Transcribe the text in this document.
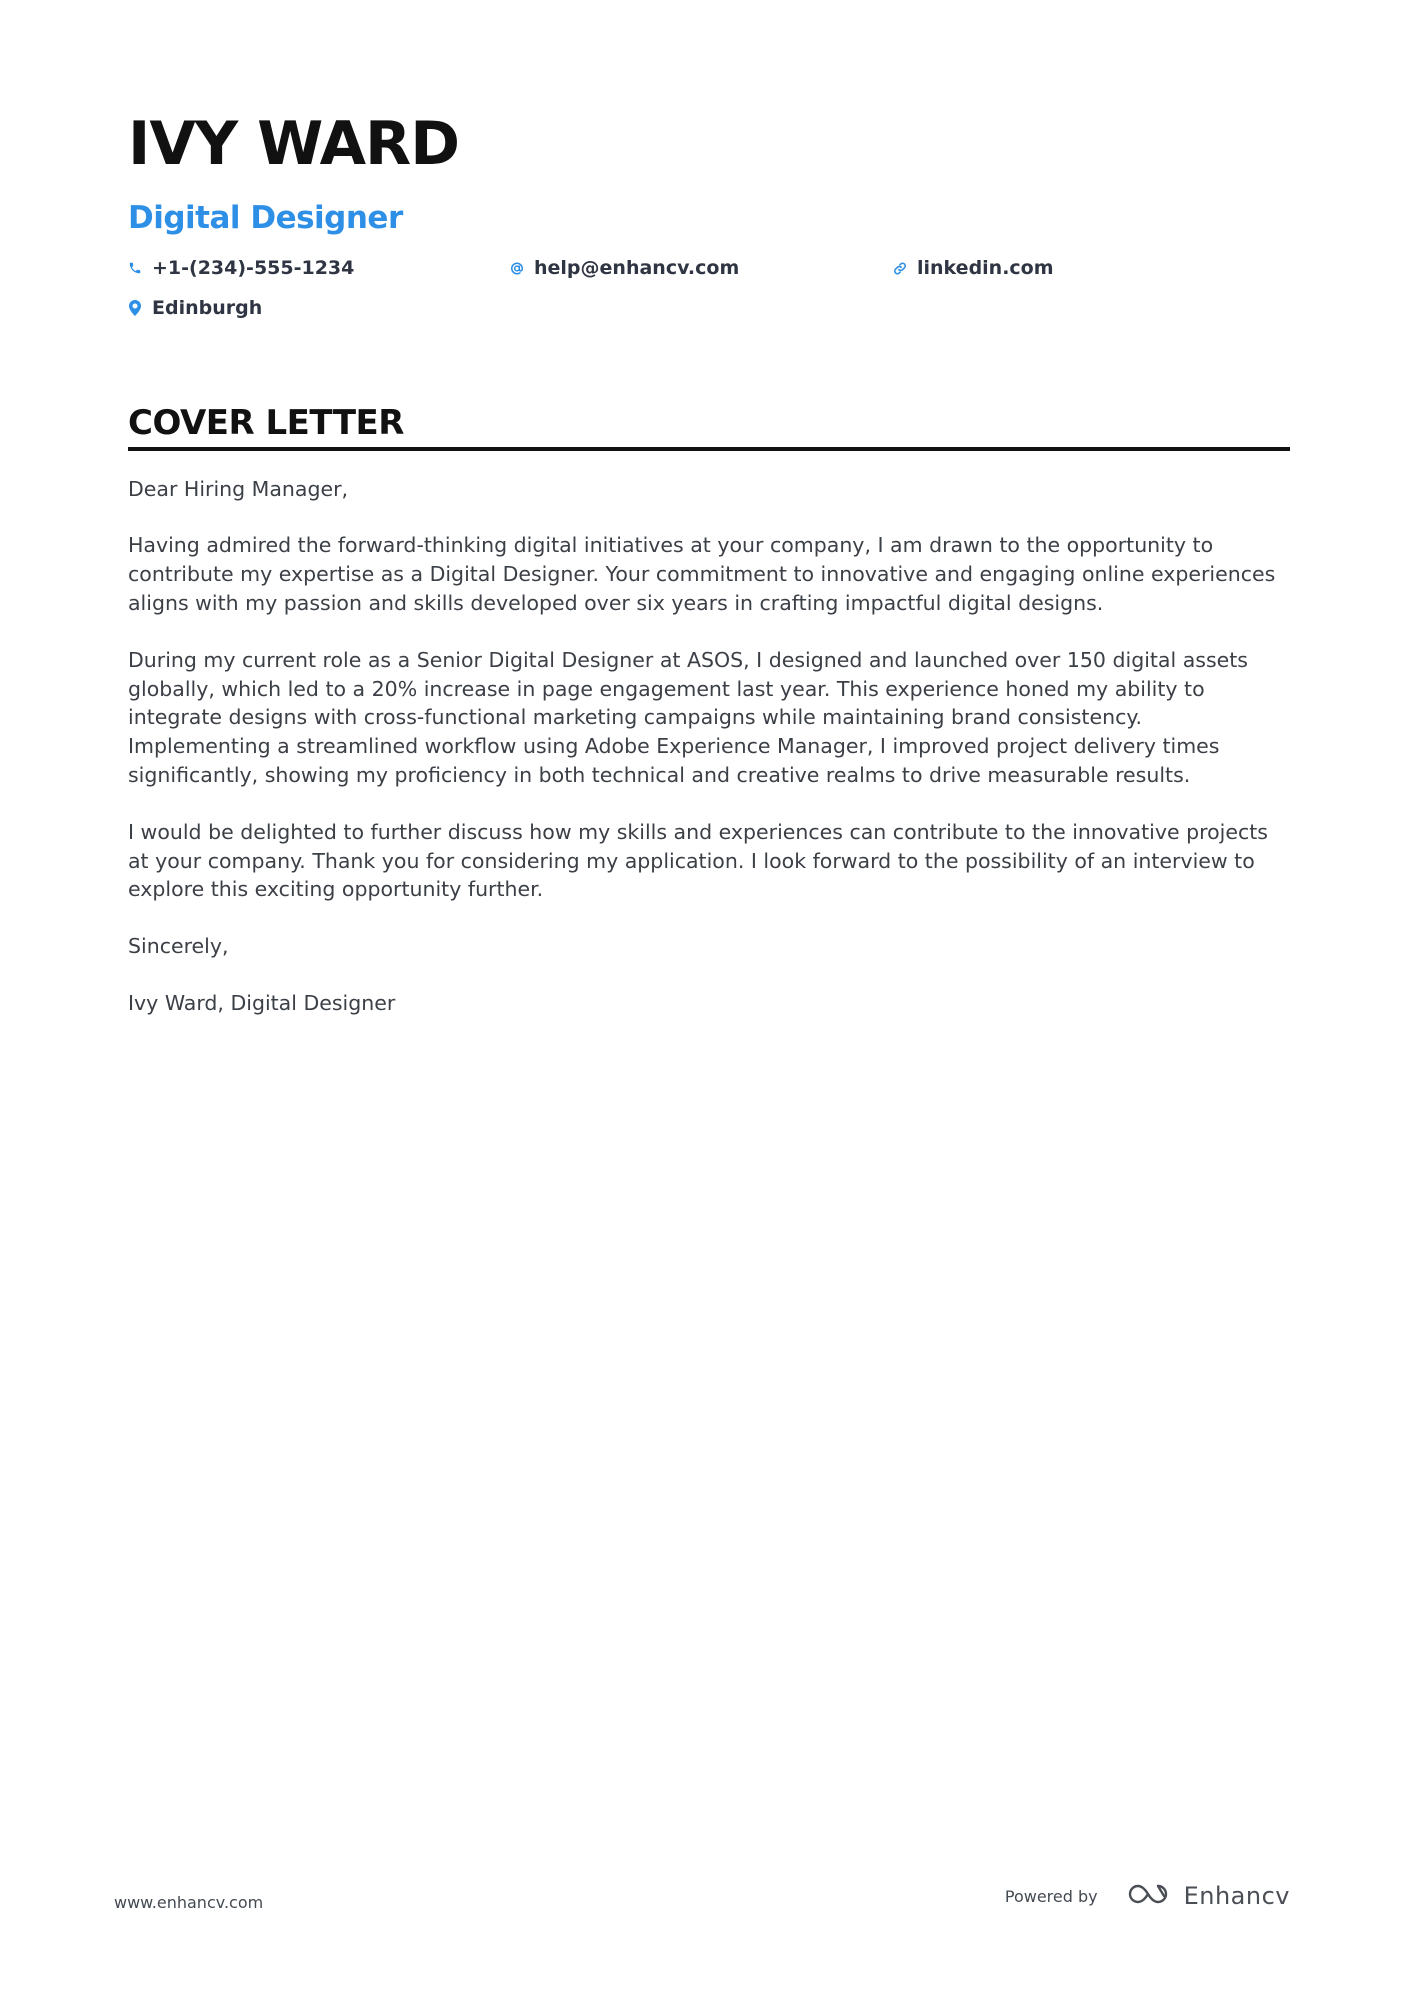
IVY WARD
Digital Designer
+1-(234)-555-1234	help@enhancv.com	linkedin.com
Edinburgh
COVER LETTER

Dear Hiring Manager,

Having admired the forward-thinking digital initiatives at your company, I am drawn to the opportunity to contribute my expertise as a Digital Designer. Your commitment to innovative and engaging online experiences aligns with my passion and skills developed over six years in crafting impactful digital designs.

During my current role as a Senior Digital Designer at ASOS, I designed and launched over 150 digital assets globally, which led to a 20% increase in page engagement last year. This experience honed my ability to integrate designs with cross-functional marketing campaigns while maintaining brand consistency. Implementing a streamlined workflow using Adobe Experience Manager, I improved project delivery times significantly, showing my proficiency in both technical and creative realms to drive measurable results.

I would be delighted to further discuss how my skills and experiences can contribute to the innovative projects at your company. Thank you for considering my application. I look forward to the possibility of an interview to explore this exciting opportunity further.

Sincerely,

Ivy Ward, Digital Designer

www.enhancv.com	Powered by	Enhancv
